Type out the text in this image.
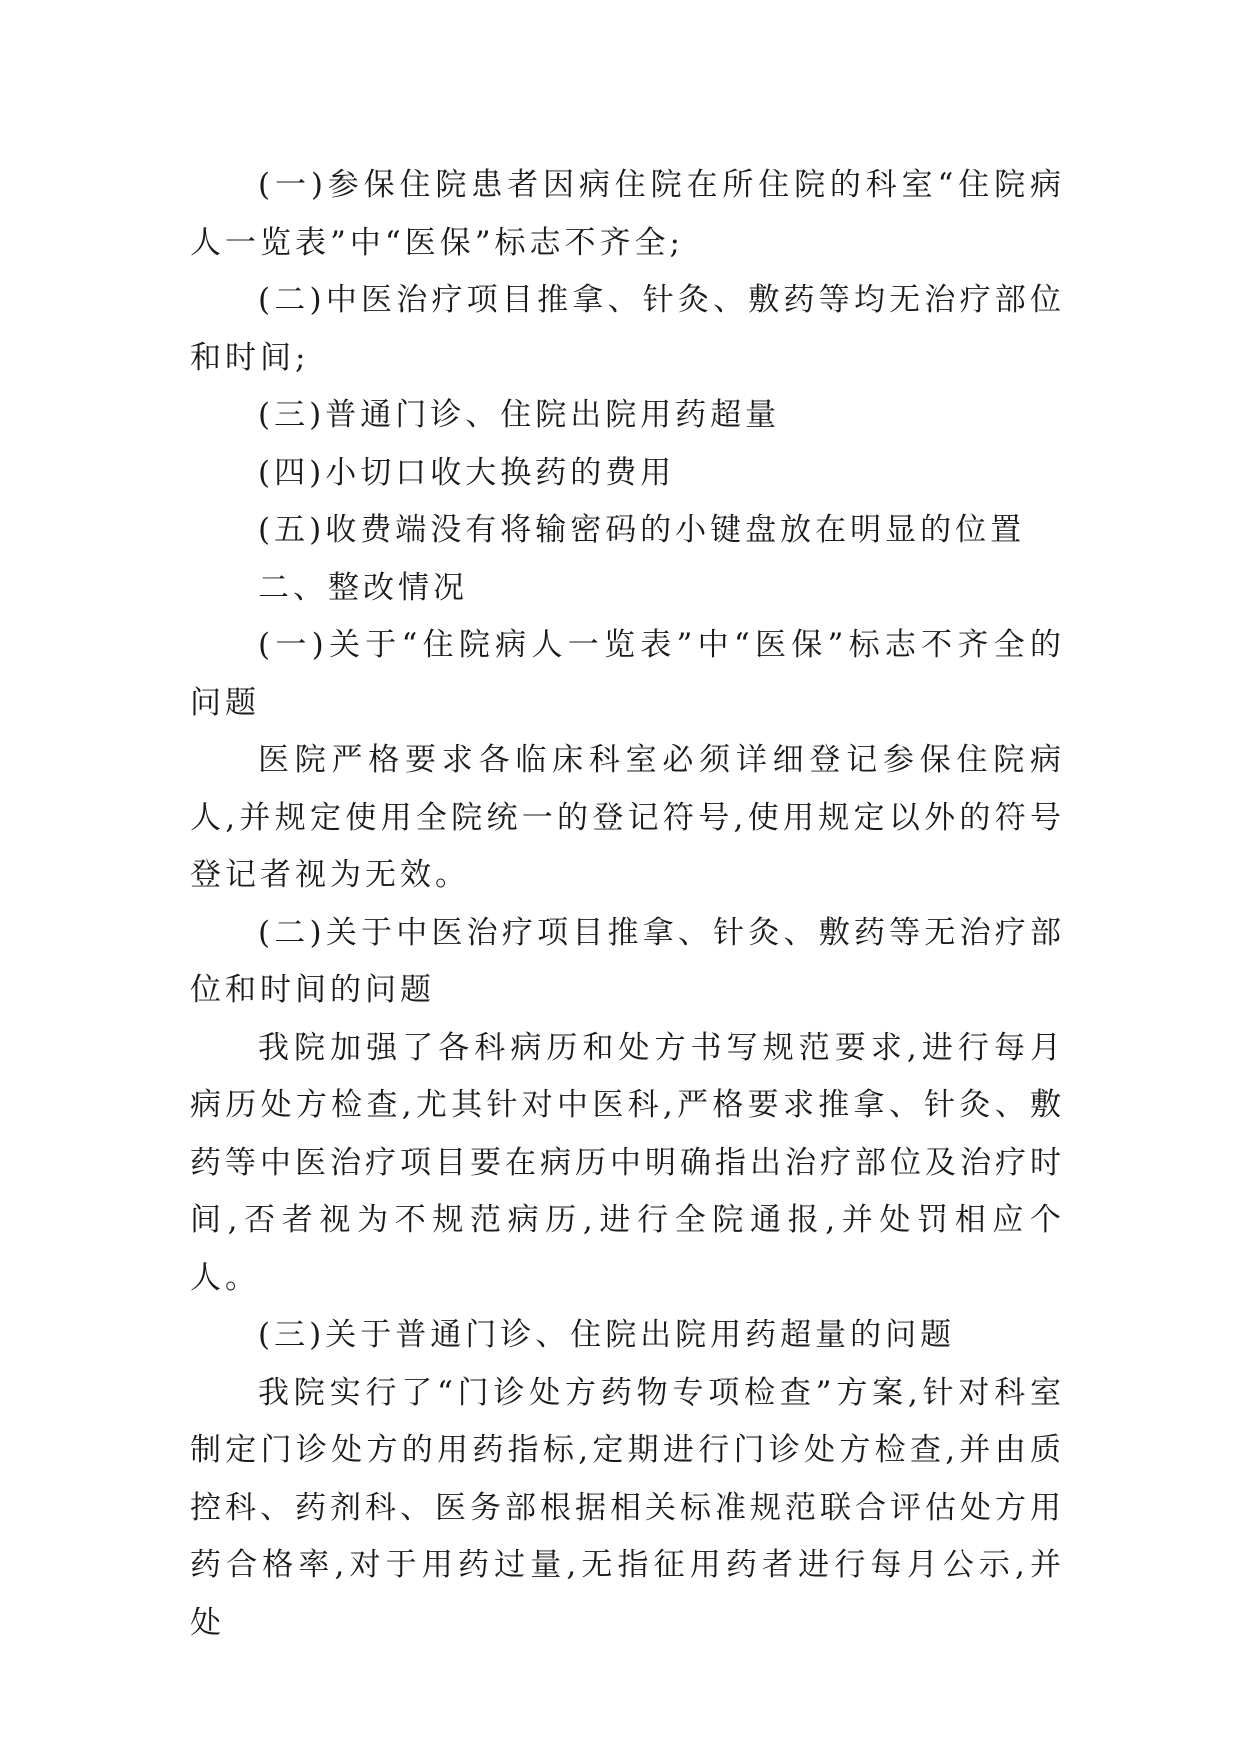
(一)参保住院患者因病住院在所住院的科室“住院病人一览表”中“医保”标志不齐全;

(二)中医治疗项目推拿、针灸、敷药等均无治疗部位和时间;

(三)普通门诊、住院出院用药超量

(四)小切口收大换药的费用

(五)收费端没有将输密码的小键盘放在明显的位置

二、整改情况

(一)关于“住院病人一览表”中“医保”标志不齐全的问题

医院严格要求各临床科室必须详细登记参保住院病人,并规定使用全院统一的登记符号,使用规定以外的符号登记者视为无效。

(二)关于中医治疗项目推拿、针灸、敷药等无治疗部位和时间的问题

我院加强了各科病历和处方书写规范要求,进行每月病历处方检查,尤其针对中医科,严格要求推拿、针灸、敷药等中医治疗项目要在病历中明确指出治疗部位及治疗时间,否者视为不规范病历,进行全院通报,并处罚相应个人。

(三)关于普通门诊、住院出院用药超量的问题

我院实行了“门诊处方药物专项检查”方案,针对科室制定门诊处方的用药指标,定期进行门诊处方检查,并由质控科、药剂科、医务部根据相关标准规范联合评估处方用药合格率,对于用药过量,无指征用药者进行每月公示,并处
